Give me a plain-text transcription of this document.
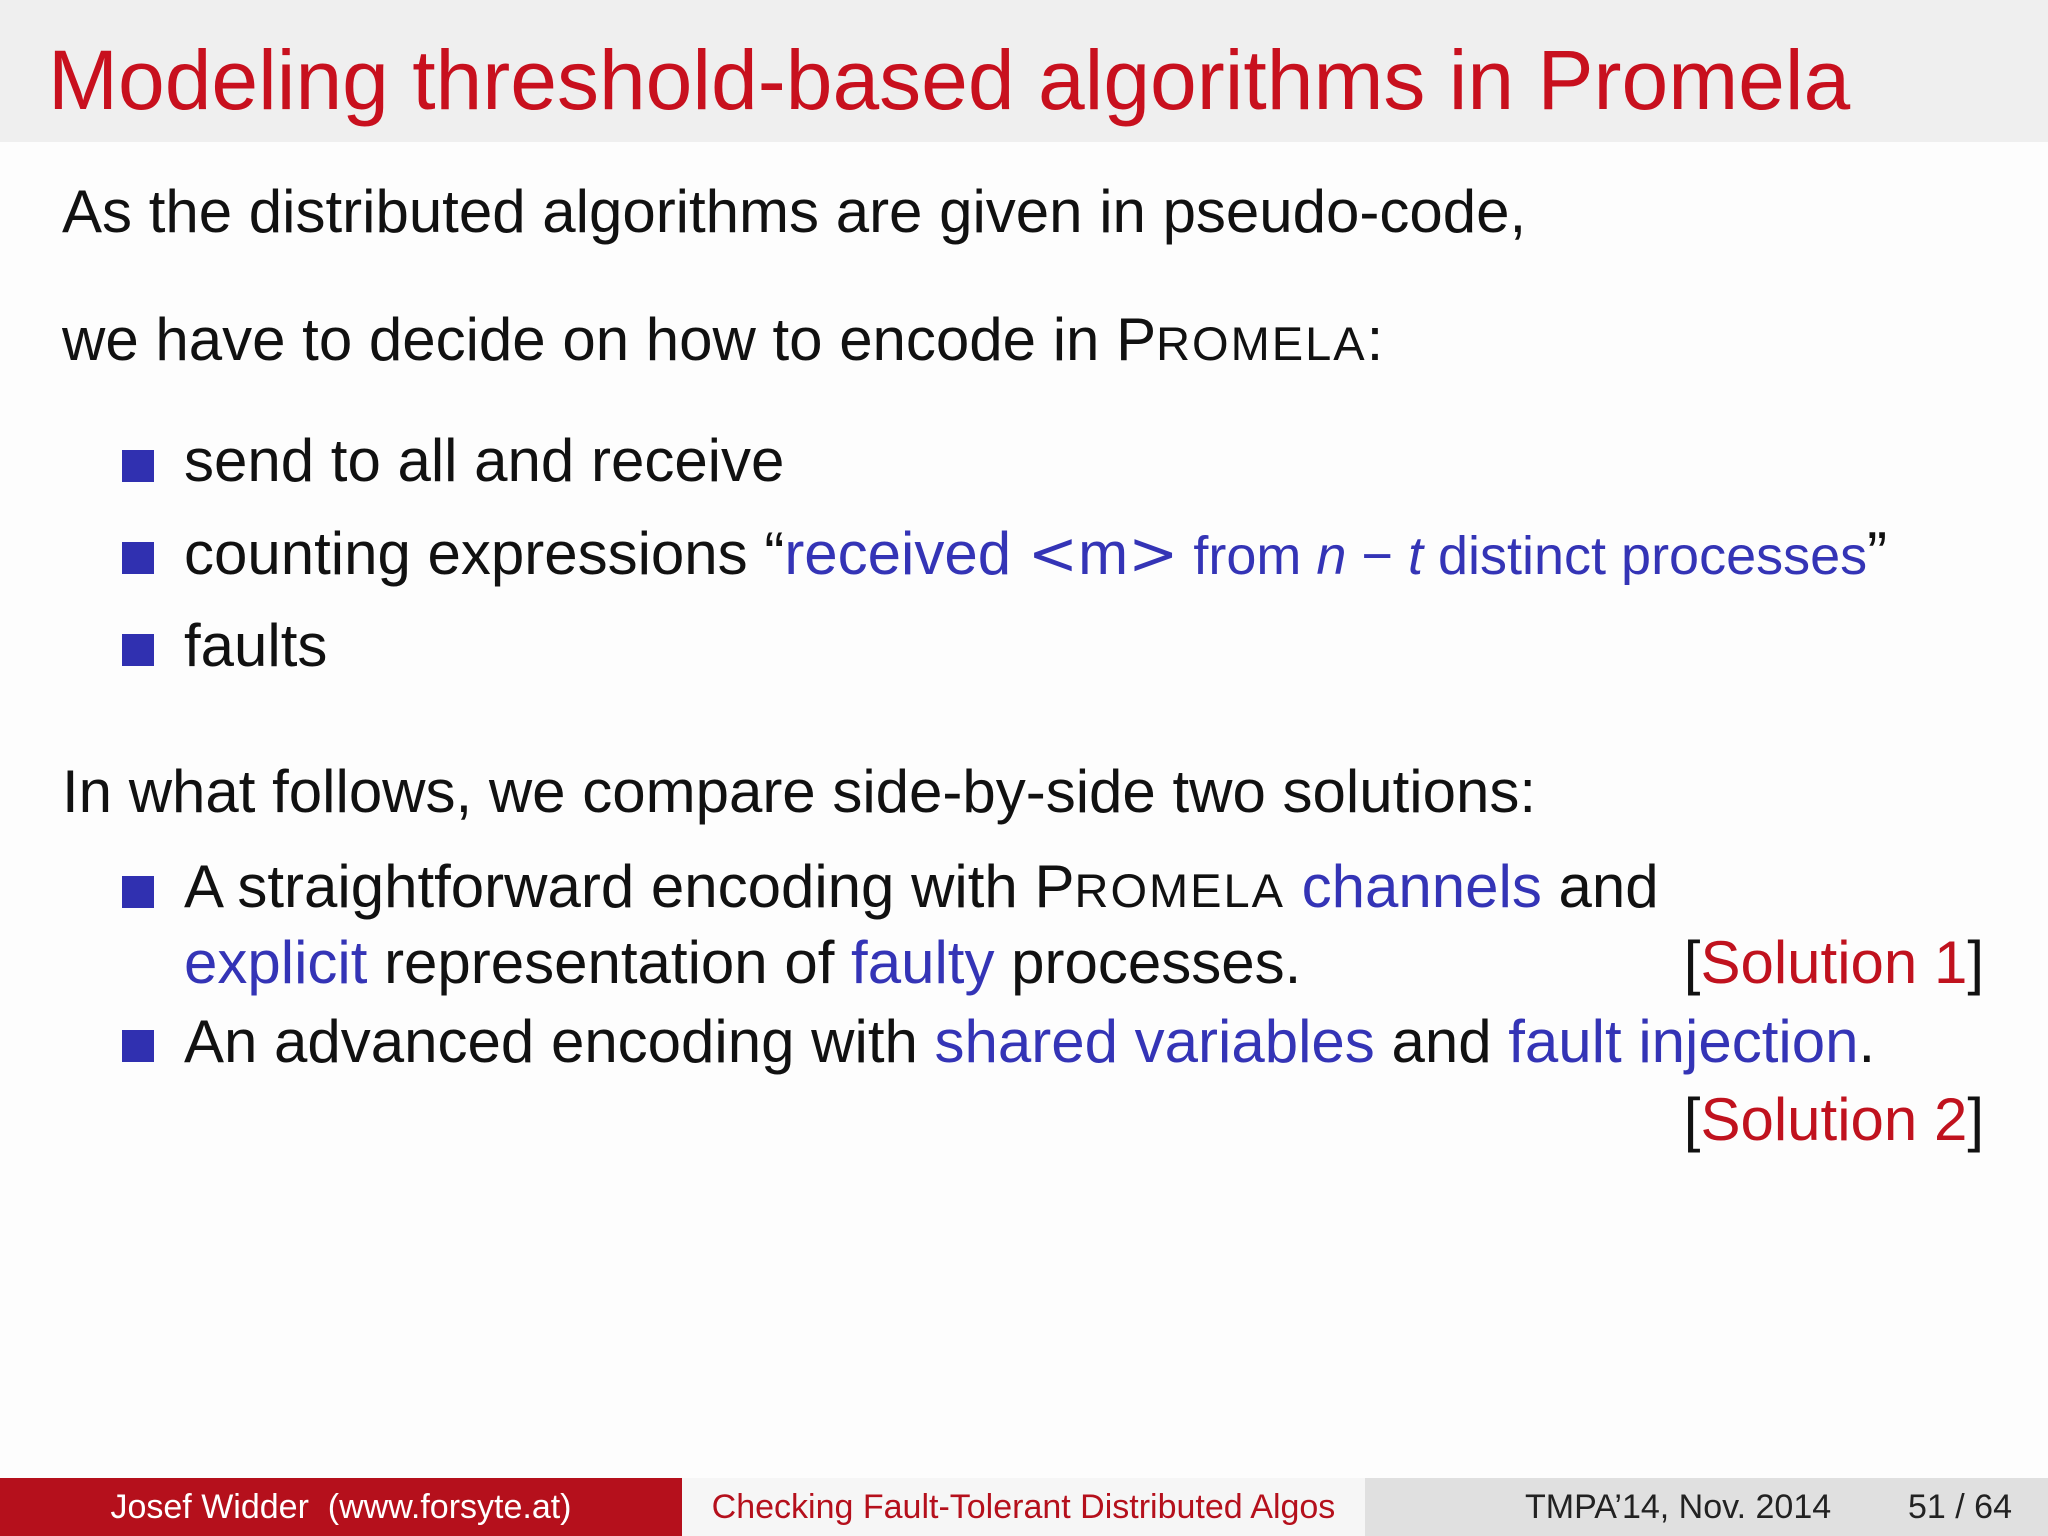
Modeling threshold-based algorithms in Promela
As the distributed algorithms are given in pseudo-code,
we have to decide on how to encode in PROMELA:
send to all and receive
counting expressions “received <m> from n − t distinct processes”
faults
In what follows, we compare side-by-side two solutions:
A straightforward encoding with PROMELA channels and
explicit representation of faulty processes.	[Solution 1]
An advanced encoding with shared variables and fault injection.
[Solution 2]
Josef Widder  (www.forsyte.at)	Checking Fault-Tolerant Distributed Algos	TMPA’14, Nov. 2014 51 / 64
